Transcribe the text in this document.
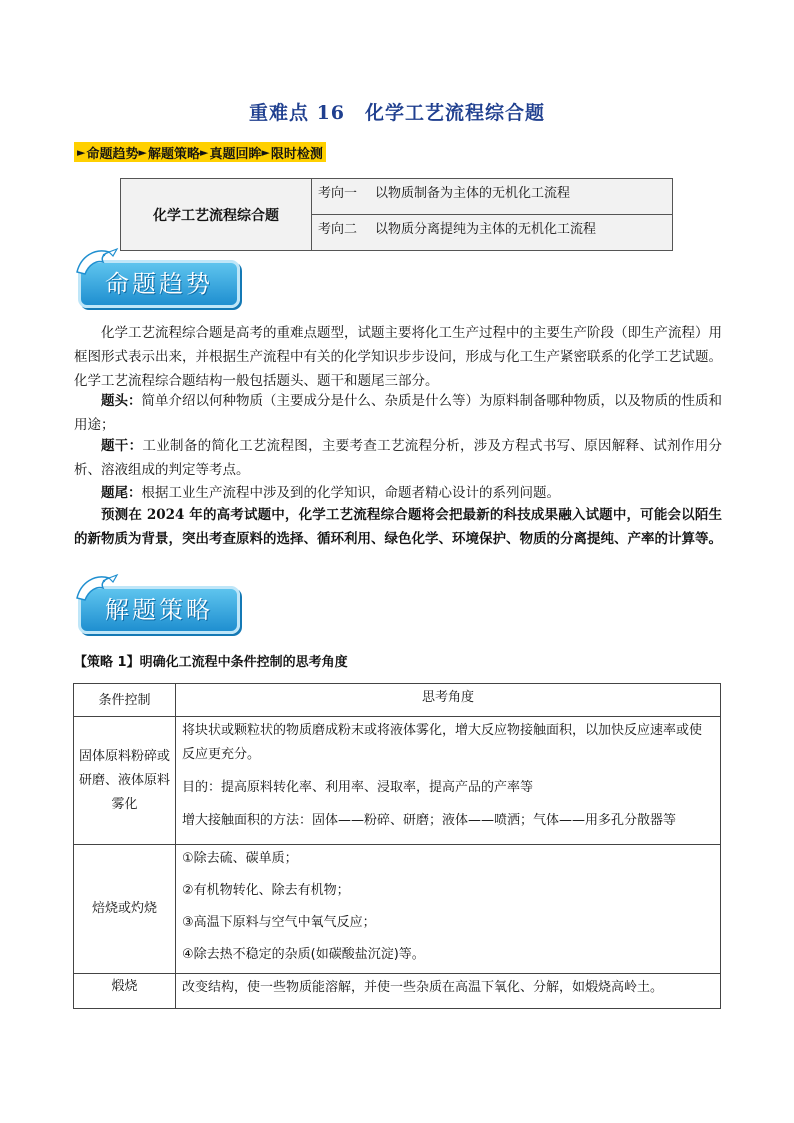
重难点 16　化学工艺流程综合题
► 命题趋势 ► 解题策略 ► 真题回眸 ► 限时检测
化学工艺流程综合题	考向一 以物质制备为主体的无机化工流程
考向二 以物质分离提纯为主体的无机化工流程
命题趋势
化学工艺流程综合题是高考的重难点题型，试题主要将化工生产过程中的主要生产阶段（即生产流程）用框图形式表示出来，并根据生产流程中有关的化学知识步步设问，形成与化工生产紧密联系的化学工艺试题。化学工艺流程综合题结构一般包括题头、题干和题尾三部分。
题头：简单介绍以何种物质（主要成分是什么、杂质是什么等）为原料制备哪种物质，以及物质的性质和用途；
题干：工业制备的简化工艺流程图，主要考查工艺流程分析，涉及方程式书写、原因解释、试剂作用分析、溶液组成的判定等考点。
题尾：根据工业生产流程中涉及到的化学知识，命题者精心设计的系列问题。
预测在 2024 年的高考试题中，化学工艺流程综合题将会把最新的科技成果融入试题中，可能会以陌生的新物质为背景，突出考查原料的选择、循环利用、绿色化学、环境保护、物质的分离提纯、产率的计算等。
解题策略
【策略 1】明确化工流程中条件控制的思考角度
条件控制	思考角度
固体原料粉碎或研磨、液体原料雾化	将块状或颗粒状的物质磨成粉末或将液体雾化，增大反应物接触面积，以加快反应速率或使反应更充分。
目的：提高原料转化率、利用率、浸取率，提高产品的产率等
增大接触面积的方法：固体——粉碎、研磨；液体——喷洒；气体——用多孔分散器等

焙烧或灼烧	①除去硫、碳单质；
②有机物转化、除去有机物；
③高温下原料与空气中氧气反应；
④除去热不稳定的杂质(如碳酸盐沉淀)等。

煅烧	改变结构，使一些物质能溶解，并使一些杂质在高温下氧化、分解，如煅烧高岭土。
